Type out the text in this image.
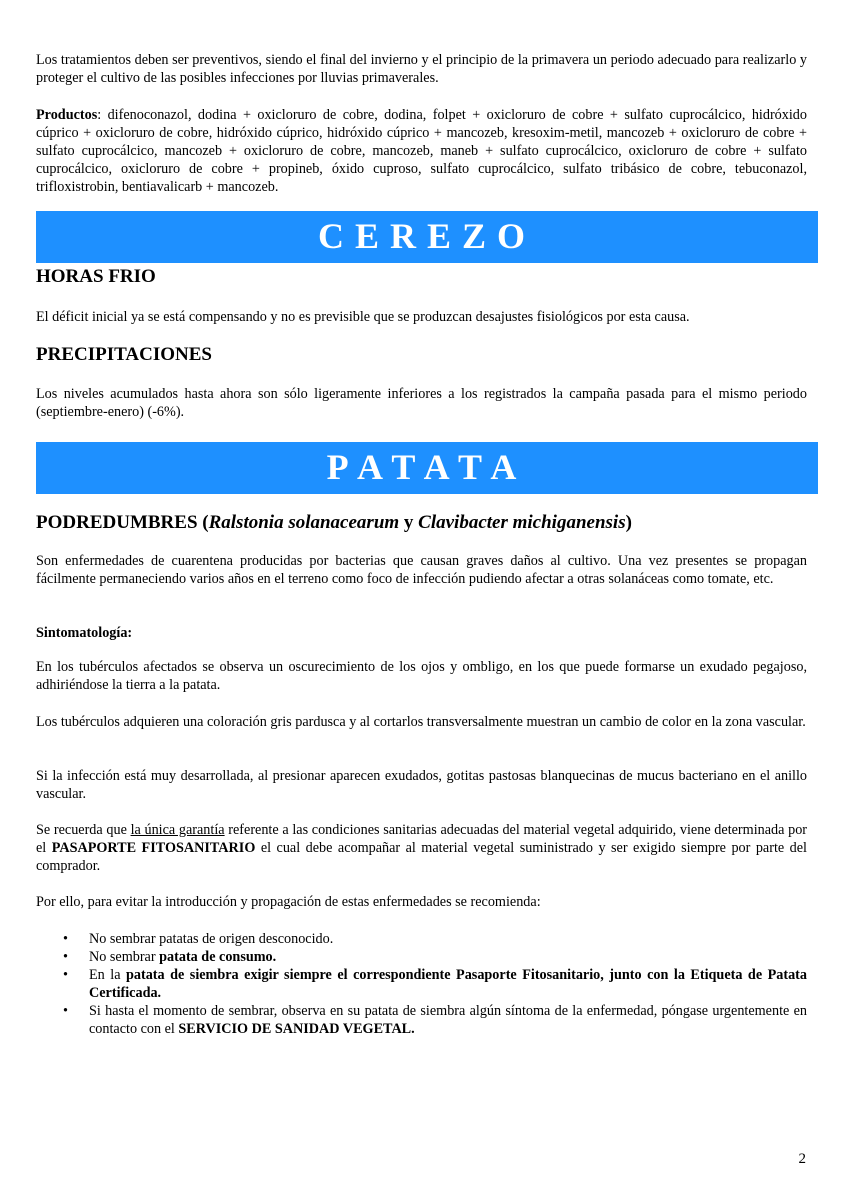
Los tratamientos deben ser preventivos, siendo el final del invierno y el principio de la primavera un periodo adecuado para realizarlo y proteger el cultivo de las posibles infecciones por lluvias primaverales.

Productos: difenoconazol, dodina + oxicloruro de cobre, dodina, folpet + oxicloruro de cobre + sulfato cuprocálcico, hidróxido cúprico + oxicloruro de cobre, hidróxido cúprico, hidróxido cúprico + mancozeb, kresoxim-metil, mancozeb + oxicloruro de cobre + sulfato cuprocálcico, mancozeb + oxicloruro de cobre, mancozeb, maneb + sulfato cuprocálcico, oxicloruro de cobre + sulfato cuprocálcico, oxicloruro de cobre + propineb, óxido cuproso, sulfato cuprocálcico, sulfato tribásico de cobre, tebuconazol, trifloxistrobin, bentiavalicarb + mancozeb.

CEREZO
HORAS FRIO

El déficit inicial ya se está compensando y no es previsible que se produzcan desajustes fisiológicos por esta causa.

PRECIPITACIONES

Los niveles acumulados hasta ahora son sólo ligeramente inferiores a los registrados la campaña pasada para el mismo periodo (septiembre-enero) (-6%).

PATATA
PODREDUMBRES (Ralstonia solanacearum y Clavibacter michiganensis)

Son enfermedades de cuarentena producidas por bacterias que causan graves daños al cultivo. Una vez presentes se propagan fácilmente permaneciendo varios años en el terreno como foco de infección pudiendo afectar a otras solanáceas como tomate, etc.

Sintomatología:

En los tubérculos afectados se observa un oscurecimiento de los ojos y ombligo, en los que puede formarse un exudado pegajoso, adhiriéndose la tierra a la patata.

Los tubérculos adquieren una coloración gris pardusca y al cortarlos transversalmente muestran un cambio de color en la zona vascular.

Si la infección está muy desarrollada, al presionar aparecen exudados, gotitas pastosas blanquecinas de mucus bacteriano en el anillo vascular.

Se recuerda que la única garantía referente a las condiciones sanitarias adecuadas del material vegetal adquirido, viene determinada por el PASAPORTE FITOSANITARIO el cual debe acompañar al material vegetal suministrado y ser exigido siempre por parte del comprador.

Por ello, para evitar la introducción y propagación de estas enfermedades se recomienda:

• No sembrar patatas de origen desconocido.
• No sembrar patata de consumo.
• En la patata de siembra exigir siempre el correspondiente Pasaporte Fitosanitario, junto con la Etiqueta de Patata Certificada.
• Si hasta el momento de sembrar, observa en su patata de siembra algún síntoma de la enfermedad, póngase urgentemente en contacto con el SERVICIO DE SANIDAD VEGETAL.
2
